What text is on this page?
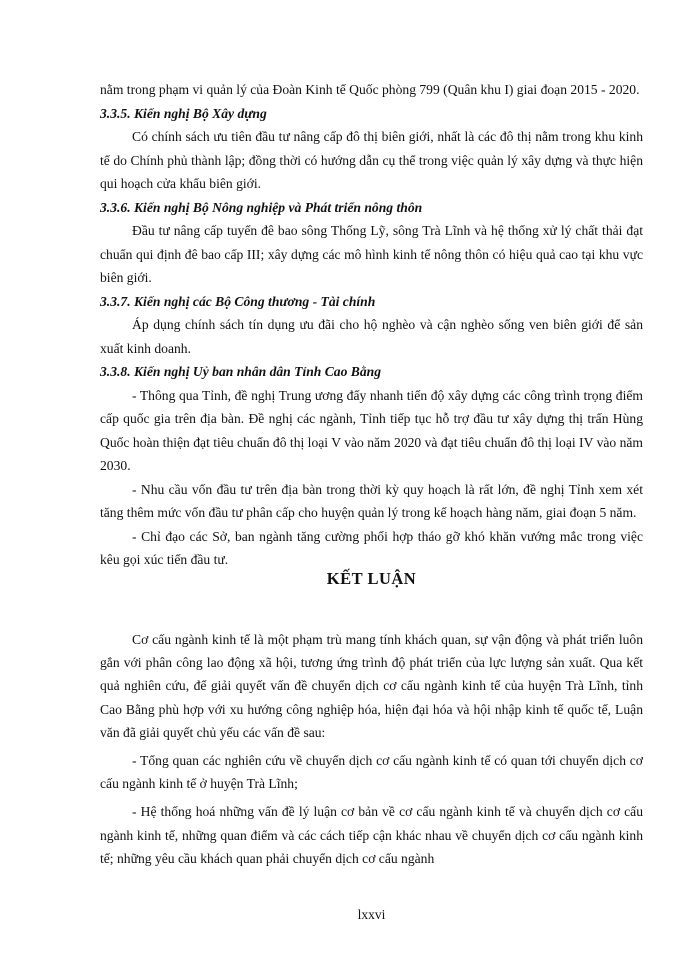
nằm trong phạm vi quản lý của Đoàn Kinh tế Quốc phòng 799 (Quân khu I) giai đoạn 2015 - 2020.

3.3.5. Kiến nghị Bộ Xây dựng

Có chính sách ưu tiên đầu tư nâng cấp đô thị biên giới, nhất là các đô thị nằm trong khu kinh tế do Chính phủ thành lập; đồng thời có hướng dẫn cụ thể trong việc quản lý xây dựng và thực hiện qui hoạch cửa khẩu biên giới.

3.3.6. Kiến nghị Bộ Nông nghiệp và Phát triển nông thôn

Đầu tư nâng cấp tuyến đê bao sông Thống Lỹ, sông Trà Lĩnh và hệ thống xử lý chất thải đạt chuẩn qui định đê bao cấp III; xây dựng các mô hình kinh tế nông thôn có hiệu quả cao tại khu vực biên giới.

3.3.7. Kiến nghị các Bộ Công thương - Tài chính

Áp dụng chính sách tín dụng ưu đãi cho hộ nghèo và cận nghèo sống ven biên giới để sản xuất kinh doanh.

3.3.8. Kiến nghị Uỷ ban nhân dân Tỉnh Cao Bằng

- Thông qua Tỉnh, đề nghị Trung ương đẩy nhanh tiến độ xây dựng các công trình trọng điểm cấp quốc gia trên địa bàn. Đề nghị các ngành, Tỉnh tiếp tục hỗ trợ đầu tư xây dựng thị trấn Hùng Quốc hoàn thiện đạt tiêu chuẩn đô thị loại V vào năm 2020 và đạt tiêu chuẩn đô thị loại IV vào năm 2030.

- Nhu cầu vốn đầu tư trên địa bàn trong thời kỳ quy hoạch là rất lớn, đề nghị Tỉnh xem xét tăng thêm mức vốn đầu tư phân cấp cho huyện quản lý trong kế hoạch hàng năm, giai đoạn 5 năm.

- Chỉ đạo các Sở, ban ngành tăng cường phối hợp tháo gỡ khó khăn vướng mắc trong việc kêu gọi xúc tiến đầu tư.

KẾT LUẬN

Cơ cấu ngành kinh tế là một phạm trù mang tính khách quan, sự vận động và phát triển luôn gắn với phân công lao động xã hội, tương ứng trình độ phát triển của lực lượng sản xuất. Qua kết quả nghiên cứu, để giải quyết vấn đề chuyển dịch cơ cấu ngành kinh tế của huyện Trà Lĩnh, tỉnh Cao Bằng phù hợp với xu hướng công nghiệp hóa, hiện đại hóa và hội nhập kinh tế quốc tế, Luận văn đã giải quyết chủ yếu các vấn đề sau:

- Tổng quan các nghiên cứu về chuyển dịch cơ cấu ngành kinh tế có quan tới chuyển dịch cơ cấu ngành kinh tế ở huyện Trà Lĩnh;

- Hệ thống hoá những vấn đề lý luận cơ bản về cơ cấu ngành kinh tế và chuyển dịch cơ cấu ngành kinh tế, những quan điểm và các cách tiếp cận khác nhau về chuyển dịch cơ cấu ngành kinh tế; những yêu cầu khách quan phải chuyển dịch cơ cấu ngành

lxxvi
